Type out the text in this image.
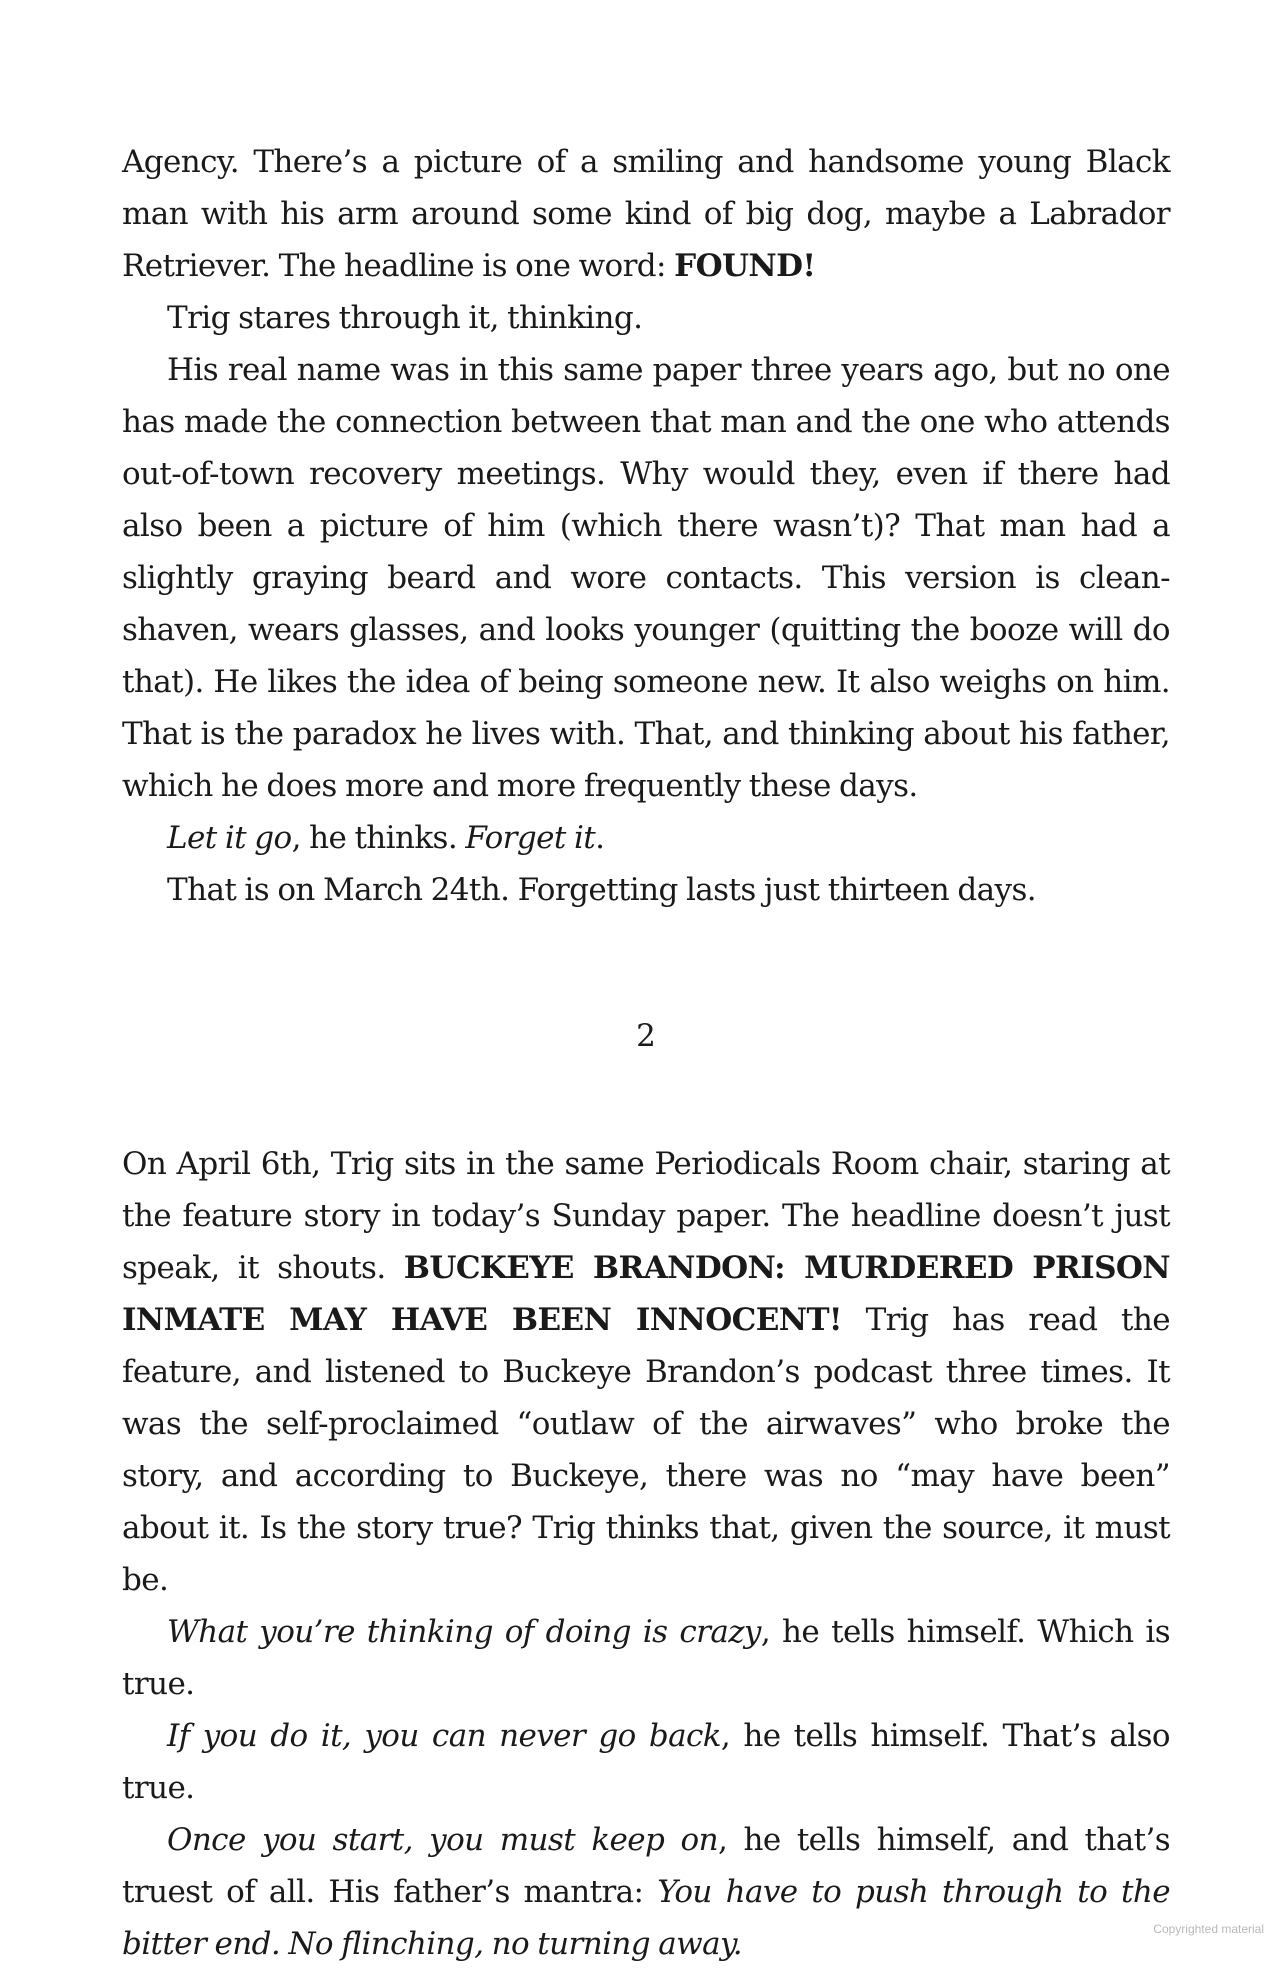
Agency. There’s a picture of a smiling and handsome young Black man with his arm around some kind of big dog, maybe a Labrador Retriever. The headline is one word: FOUND!

Trig stares through it, thinking.

His real name was in this same paper three years ago, but no one has made the connection between that man and the one who attends out-of-town recovery meetings. Why would they, even if there had also been a picture of him (which there wasn’t)? That man had a slightly graying beard and wore contacts. This version is clean-shaven, wears glasses, and looks younger (quitting the booze will do that). He likes the idea of being someone new. It also weighs on him. That is the paradox he lives with. That, and thinking about his father, which he does more and more frequently these days.

Let it go, he thinks. Forget it.

That is on March 24th. Forgetting lasts just thirteen days.

2

On April 6th, Trig sits in the same Periodicals Room chair, staring at the feature story in today’s Sunday paper. The headline doesn’t just speak, it shouts. BUCKEYE BRANDON: MURDERED PRISON INMATE MAY HAVE BEEN INNOCENT! Trig has read the feature, and listened to Buckeye Brandon’s podcast three times. It was the self-proclaimed “outlaw of the airwaves” who broke the story, and according to Buckeye, there was no “may have been” about it. Is the story true? Trig thinks that, given the source, it must be.

What you’re thinking of doing is crazy, he tells himself. Which is true.

If you do it, you can never go back, he tells himself. That’s also true.

Once you start, you must keep on, he tells himself, and that’s truest of all. His father’s mantra: You have to push through to the bitter end. No flinching, no turning away.	Copyrighted material
